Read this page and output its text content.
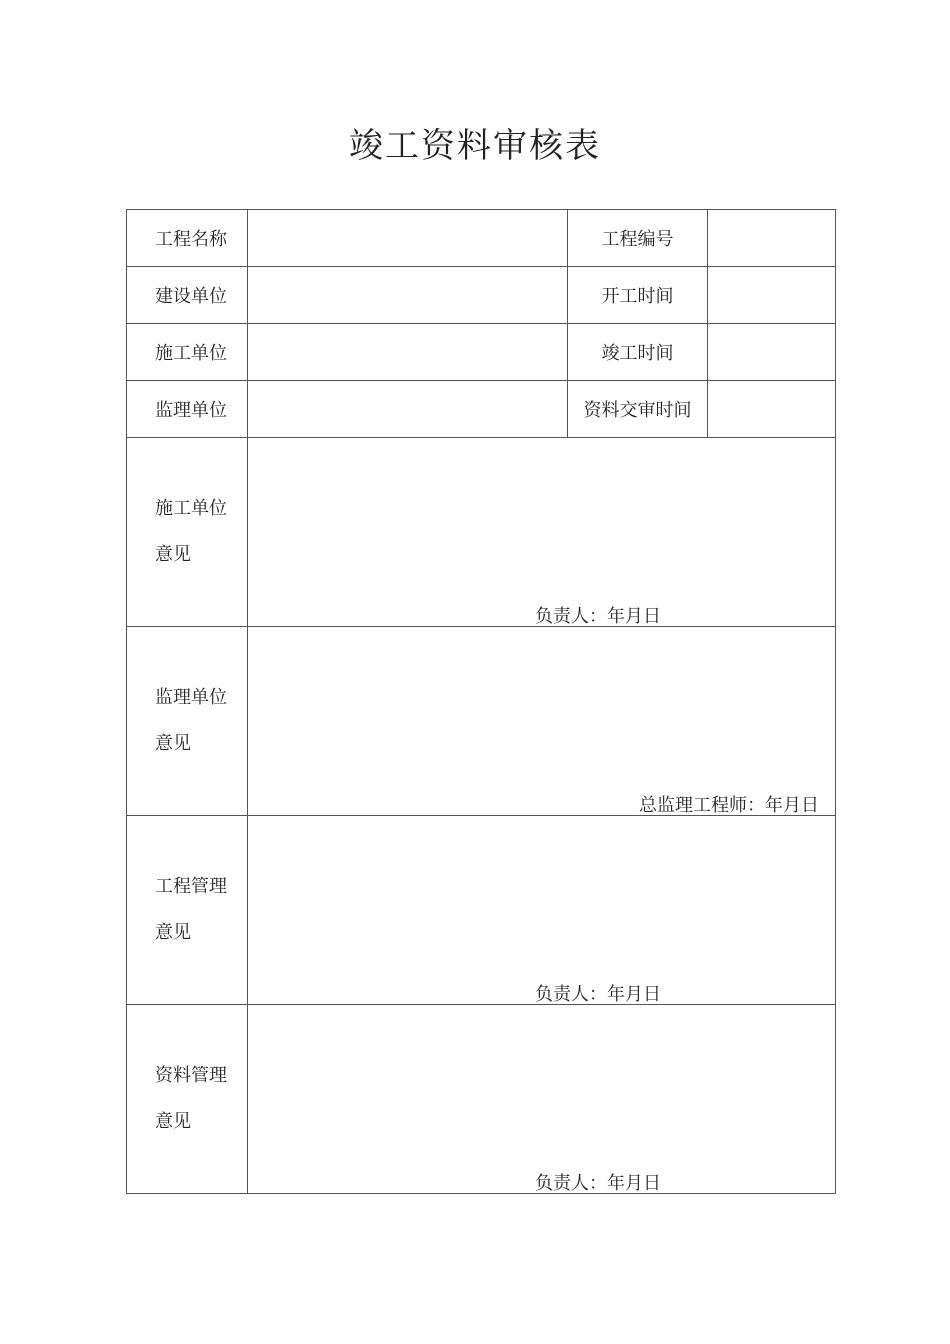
竣工资料审核表
工程名称		工程编号	
建设单位		开工时间	
施工单位		竣工时间	
监理单位		资料交审时间	

施工单位
意见	负责人：年月日		

监理单位
意见	总监理工程师：年月日		

工程管理
意见	负责人：年月日		

资料管理
意见	负责人：年月日		
